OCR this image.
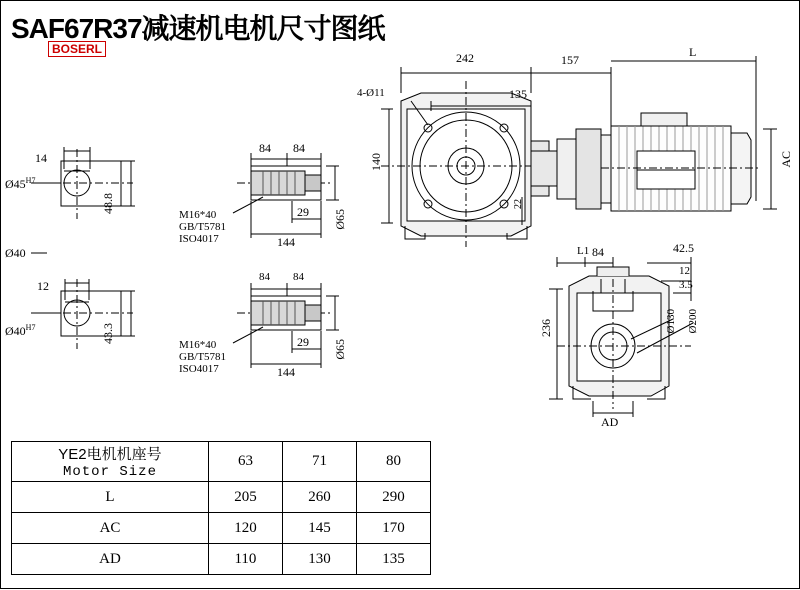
SAF67R37减速机电机尺寸图纸
BOSERL
242	157
L
4-Ø11	135
140
22
AC
84 84
29
144
Ø65
M16*40
GB/T5781
ISO4017
84 84
29
144
Ø65
M16*40
GB/T5781
ISO4017
14
$Ø45^{H7}$
48.8
Ø40
12
$Ø40^{H7}$	43.3
L1 84	42.5
12
3.5
236	Ø130 Ø200
AD
YE2电机机座号
Motor Size	63	71	80
L	205	260	290
AC	120	145	170
AD	110	130	135
